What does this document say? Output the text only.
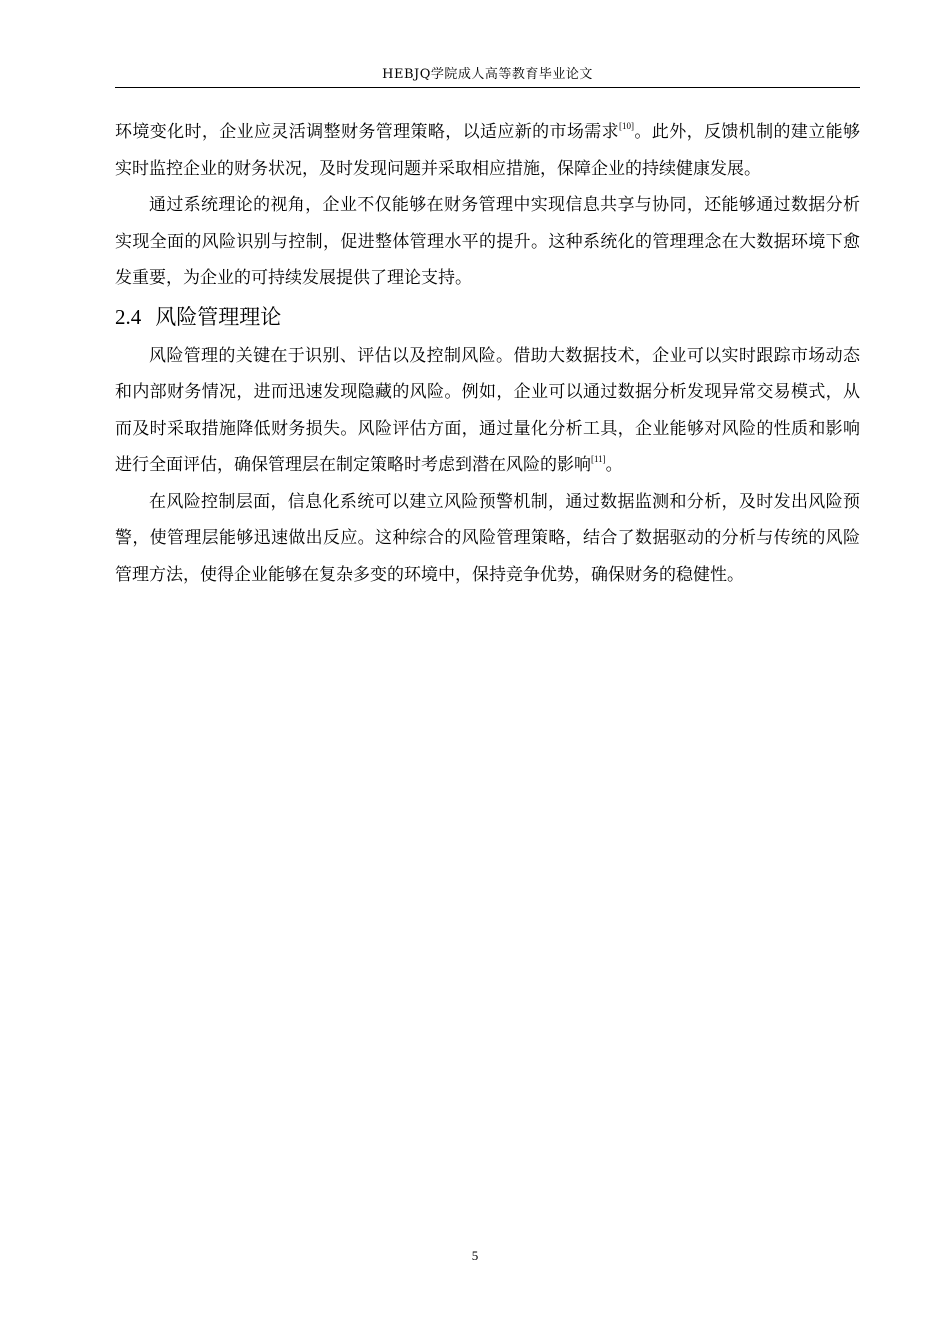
HEBJQ学院成人高等教育毕业论文

环境变化时，企业应灵活调整财务管理策略，以适应新的市场需求[10]。此外，反馈机制的建立能够实时监控企业的财务状况，及时发现问题并采取相应措施，保障企业的持续健康发展。

通过系统理论的视角，企业不仅能够在财务管理中实现信息共享与协同，还能够通过数据分析实现全面的风险识别与控制，促进整体管理水平的提升。这种系统化的管理理念在大数据环境下愈发重要，为企业的可持续发展提供了理论支持。

2.4 风险管理理论

风险管理的关键在于识别、评估以及控制风险。借助大数据技术，企业可以实时跟踪市场动态和内部财务情况，进而迅速发现隐藏的风险。例如，企业可以通过数据分析发现异常交易模式，从而及时采取措施降低财务损失。风险评估方面，通过量化分析工具，企业能够对风险的性质和影响进行全面评估，确保管理层在制定策略时考虑到潜在风险的影响[11]。

在风险控制层面，信息化系统可以建立风险预警机制，通过数据监测和分析，及时发出风险预警，使管理层能够迅速做出反应。这种综合的风险管理策略，结合了数据驱动的分析与传统的风险管理方法，使得企业能够在复杂多变的环境中，保持竞争优势，确保财务的稳健性。

5
